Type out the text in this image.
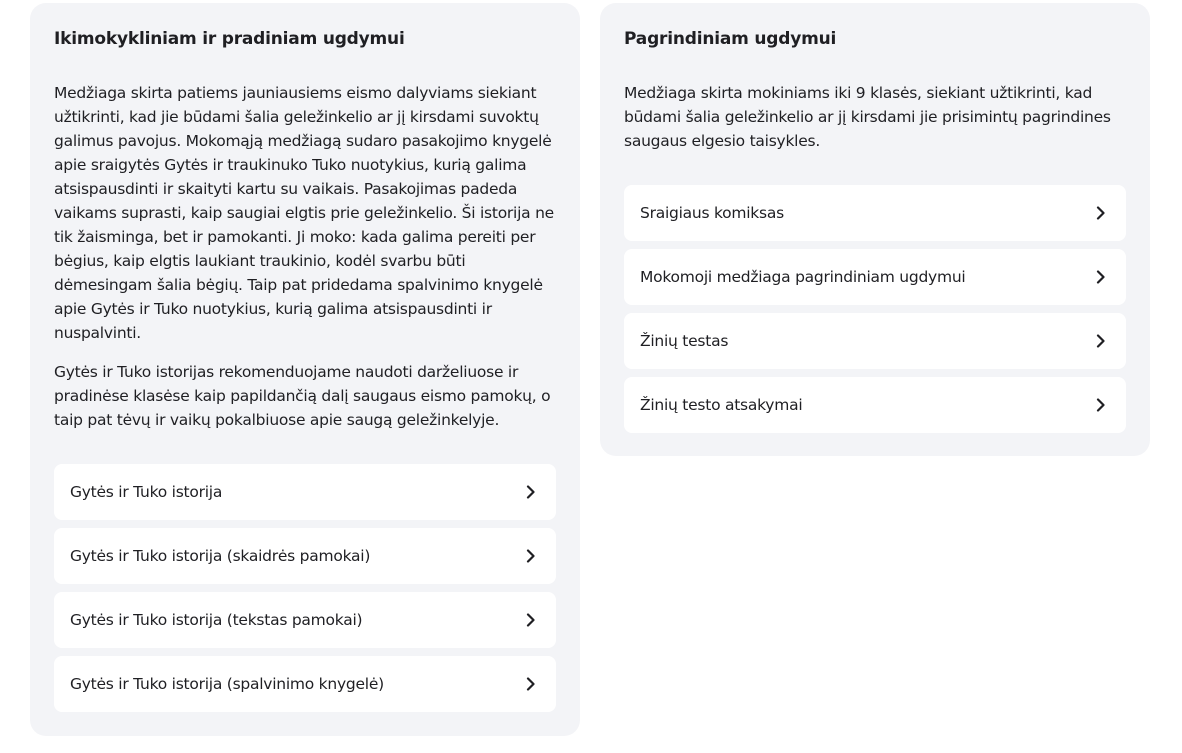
Ikimokykliniam ir pradiniam ugdymui

Medžiaga skirta patiems jauniausiems eismo dalyviams siekiant užtikrinti, kad jie būdami šalia geležinkelio ar jį kirsdami suvoktų galimus pavojus. Mokomąją medžiagą sudaro pasakojimo knygelė apie sraigytės Gytės ir traukinuko Tuko nuotykius, kurią galima atsispausdinti ir skaityti kartu su vaikais. Pasakojimas padeda vaikams suprasti, kaip saugiai elgtis prie geležinkelio. Ši istorija ne tik žaisminga, bet ir pamokanti. Ji moko: kada galima pereiti per bėgius, kaip elgtis laukiant traukinio, kodėl svarbu būti dėmesingam šalia bėgių. Taip pat pridedama spalvinimo knygelė apie Gytės ir Tuko nuotykius, kurią galima atsispausdinti ir nuspalvinti.

Gytės ir Tuko istorijas rekomenduojame naudoti darželiuose ir pradinėse klasėse kaip papildančią dalį saugaus eismo pamokų, o taip pat tėvų ir vaikų pokalbiuose apie saugą geležinkelyje.

Gytės ir Tuko istorija
Gytės ir Tuko istorija (skaidrės pamokai)
Gytės ir Tuko istorija (tekstas pamokai)
Gytės ir Tuko istorija (spalvinimo knygelė)
Pagrindiniam ugdymui

Medžiaga skirta mokiniams iki 9 klasės, siekiant užtikrinti, kad būdami šalia geležinkelio ar jį kirsdami jie prisimintų pagrindines saugaus elgesio taisykles.

Sraigiaus komiksas
Mokomoji medžiaga pagrindiniam ugdymui
Žinių testas
Žinių testo atsakymai
